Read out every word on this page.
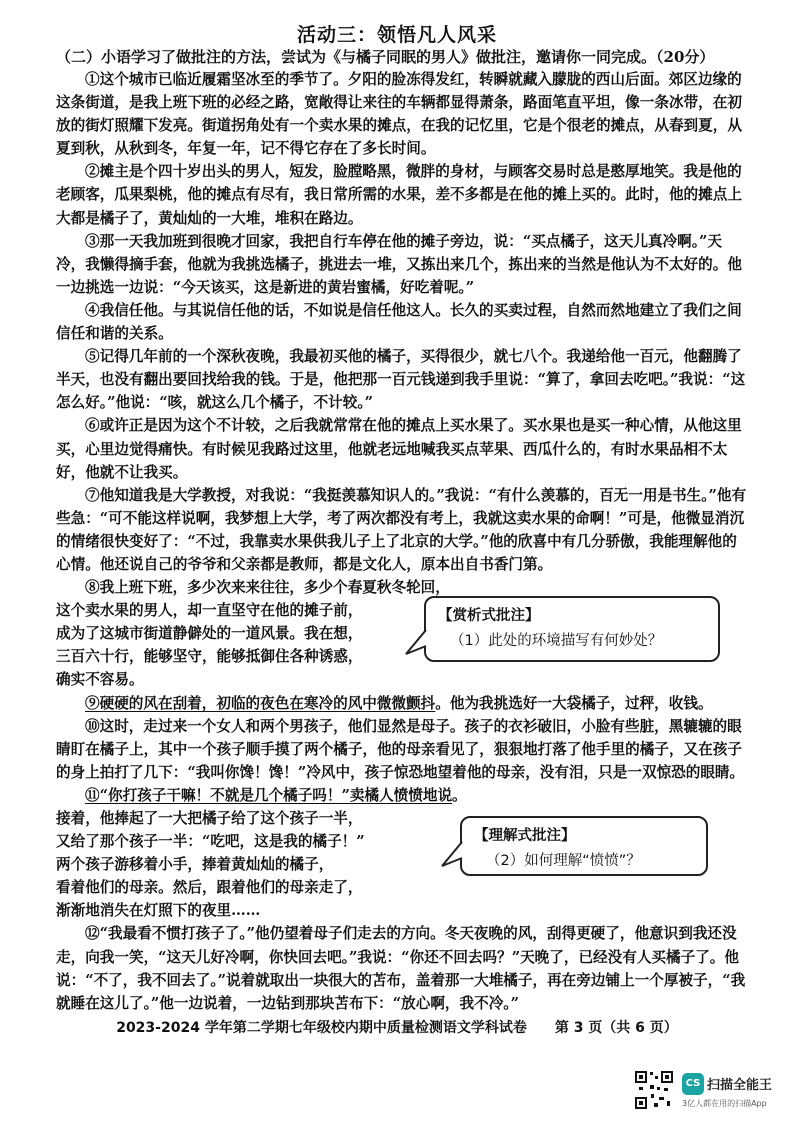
活动三：领悟凡人风采
（二）小语学习了做批注的方法，尝试为《与橘子同眠的男人》做批注，邀请你一同完成。（20分）

①这个城市已临近履霜坚冰至的季节了。夕阳的脸冻得发红，转瞬就藏入朦胧的西山后面。郊区边缘的这条街道，是我上班下班的必经之路，宽敞得让来往的车辆都显得萧条，路面笔直平坦，像一条冰带，在初放的街灯照耀下发亮。街道拐角处有一个卖水果的摊点，在我的记忆里，它是个很老的摊点，从春到夏，从夏到秋，从秋到冬，年复一年，记不得它存在了多长时间。

②摊主是个四十岁出头的男人，短发，脸膛略黑，微胖的身材，与顾客交易时总是憨厚地笑。我是他的老顾客，瓜果梨桃，他的摊点有尽有，我日常所需的水果，差不多都是在他的摊上买的。此时，他的摊点上大都是橘子了，黄灿灿的一大堆，堆积在路边。

③那一天我加班到很晚才回家，我把自行车停在他的摊子旁边，说：“买点橘子，这天儿真冷啊。”天冷，我懒得摘手套，他就为我挑选橘子，挑进去一堆，又拣出来几个，拣出来的当然是他认为不太好的。他一边挑选一边说：“今天该买，这是新进的黄岩蜜橘，好吃着呢。”

④我信任他。与其说信任他的话，不如说是信任他这人。长久的买卖过程，自然而然地建立了我们之间信任和谐的关系。

⑤记得几年前的一个深秋夜晚，我最初买他的橘子，买得很少，就七八个。我递给他一百元，他翻腾了半天，也没有翻出要回找给我的钱。于是，他把那一百元钱递到我手里说：“算了，拿回去吃吧。”我说：“这怎么好。”他说：“咳，就这么几个橘子，不计较。”

⑥或许正是因为这个不计较，之后我就常常在他的摊点上买水果了。买水果也是买一种心情，从他这里买，心里边觉得痛快。有时候见我路过这里，他就老远地喊我买点苹果、西瓜什么的，有时水果品相不太好，他就不让我买。

⑦他知道我是大学教授，对我说：“我挺羡慕知识人的。”我说：“有什么羡慕的，百无一用是书生。”他有些急：“可不能这样说啊，我梦想上大学，考了两次都没有考上，我就这卖水果的命啊！”可是，他微显消沉的情绪很快变好了：“不过，我靠卖水果供我儿子上了北京的大学。”他的欣喜中有几分骄傲，我能理解他的心情。他还说自己的爷爷和父亲都是教师，都是文化人，原本出自书香门第。

⑧我上班下班，多少次来来往往，多少个春夏秋冬轮回，
这个卖水果的男人，却一直坚守在他的摊子前，
成为了这城市街道静僻处的一道风景。我在想，
三百六十行，能够坚守，能够抵御住各种诱惑，
确实不容易。

⑨硬硬的风在刮着，初临的夜色在寒冷的风中微微颤抖。他为我挑选好一大袋橘子，过秤，收钱。

⑩这时，走过来一个女人和两个男孩子，他们显然是母子。孩子的衣衫破旧，小脸有些脏，黑辘辘的眼睛盯在橘子上，其中一个孩子顺手摸了两个橘子，他的母亲看见了，狠狠地打落了他手里的橘子，又在孩子的身上拍打了几下：“我叫你馋！馋！”冷风中，孩子惊恐地望着他的母亲，没有泪，只是一双惊恐的眼睛。

⑪“你打孩子干嘛！不就是几个橘子吗！”卖橘人愤愤地说。
接着，他捧起了一大把橘子给了这个孩子一半，
又给了那个孩子一半：“吃吧，这是我的橘子！”
两个孩子游移着小手，捧着黄灿灿的橘子，
看着他们的母亲。然后，跟着他们的母亲走了，
渐渐地消失在灯照下的夜里……

⑫“我最看不惯打孩子了。”他仍望着母子们走去的方向。冬天夜晚的风，刮得更硬了，他意识到我还没走，向我一笑，“这天儿好冷啊，你快回去吧。”我说：“你还不回去吗？”天晚了，已经没有人买橘子了。他说：“不了，我不回去了。”说着就取出一块很大的苫布，盖着那一大堆橘子，再在旁边铺上一个厚被子，“我就睡在这儿了。”他一边说着，一边钻到那块苫布下：“放心啊，我不冷。”

【赏析式批注】
（1）此处的环境描写有何妙处？
【理解式批注】
（2）如何理解“愤愤”？
2023-2024 学年第二学期七年级校内期中质量检测语文学科试卷　　第 3 页（共 6 页）
CS 扫描全能王
3亿人都在用的扫描App
